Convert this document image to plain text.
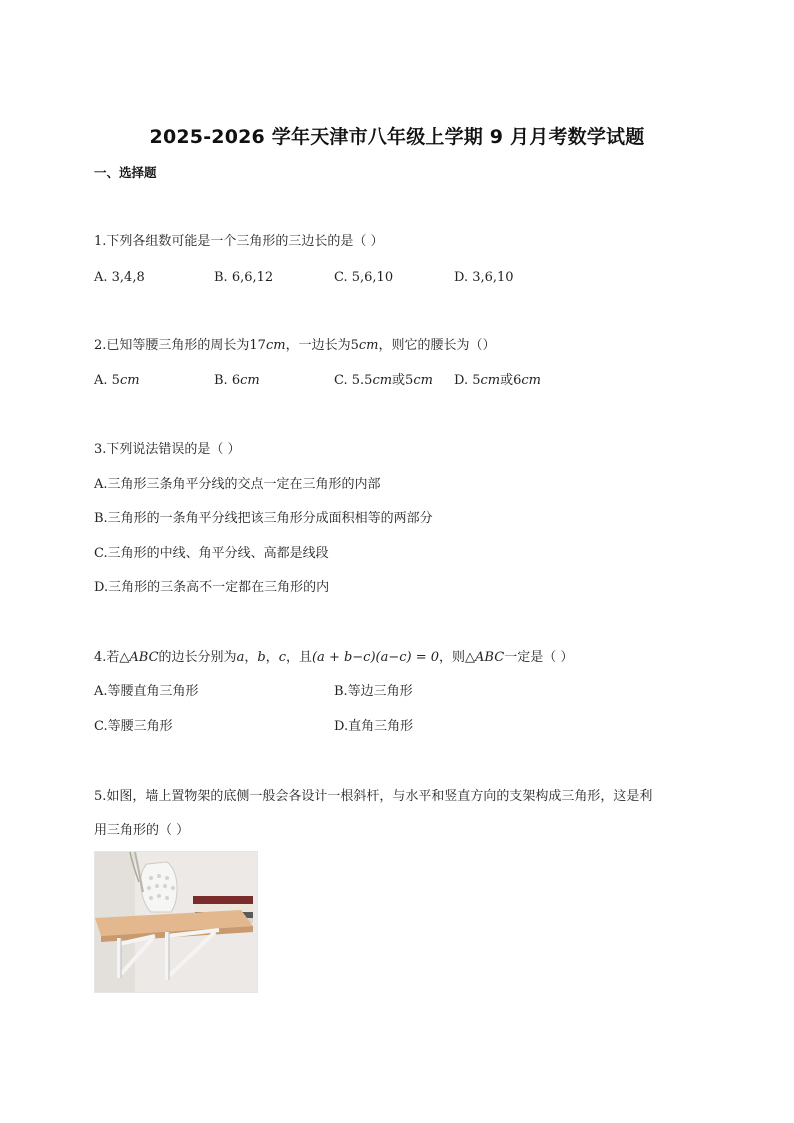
2025-2026 学年天津市八年级上学期 9 月月考数学试题
一、选择题
1.下列各组数可能是一个三角形的三边长的是（ ）
A. 3,4,8	B. 6,6,12	C. 5,6,10	D. 3,6,10
2.已知等腰三角形的周长为17cm，一边长为5cm，则它的腰长为（）
A. 5cm	B. 6cm	C. 5.5cm或5cm D. 5cm或6cm
3.下列说法错误的是（ ）
A.三角形三条角平分线的交点一定在三角形的内部
B.三角形的一条角平分线把该三角形分成面积相等的两部分
C.三角形的中线、角平分线、高都是线段
D.三角形的三条高不一定都在三角形的内
4.若△ABC的边长分别为a，b，c，且(a + b−c)(a−c) = 0，则△ABC一定是（ ）
A.等腰直角三角形	B.等边三角形
C.等腰三角形	D.直角三角形
5.如图，墙上置物架的底侧一般会各设计一根斜杆，与水平和竖直方向的支架构成三角形，这是利
用三角形的（ ）
